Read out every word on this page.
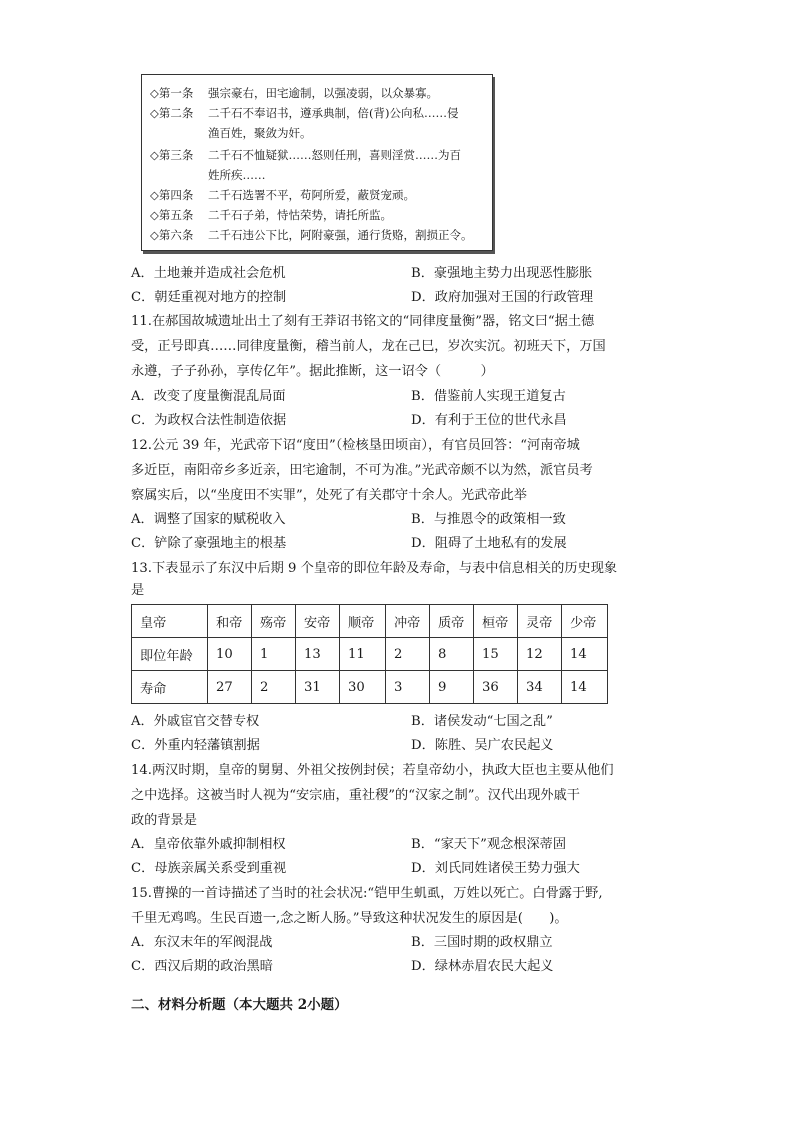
◇第一条 强宗豪右，田宅逾制，以强凌弱，以众暴寡。
◇第二条 二千石不奉诏书，遵承典制，倍(背)公向私……侵
渔百姓，聚敛为奸。
◇第三条 二千石不恤疑狱……怒则任刑，喜则淫赏……为百
姓所疾……
◇第四条 二千石选署不平，苟阿所爱，蔽贤宠顽。
◇第五条 二千石子弟，恃怙荣势，请托所监。
◇第六条 二千石违公下比，阿附豪强，通行货赂，割损正令。
A．土地兼并造成社会危机	B．豪强地主势力出现恶性膨胀
C．朝廷重视对地方的控制	D．政府加强对王国的行政管理
11.在郝国故城遗址出土了刻有王莽诏书铭文的“同律度量衡”器，铭文曰“据土德
受，正号即真……同律度量衡，稽当前人，龙在己巳，岁次实沉。初班天下，万国
永遵，子子孙孙，享传亿年”。据此推断，这一诏令（　　　）
A．改变了度量衡混乱局面	B．借鉴前人实现王道复古
C．为政权合法性制造依据	D．有利于王位的世代永昌
12.公元 39 年，光武帝下诏“度田”（检核垦田顷亩），有官员回答：“河南帝城
多近臣，南阳帝乡多近亲，田宅逾制，不可为准。”光武帝颇不以为然，派官员考
察属实后，以“坐度田不实罪”，处死了有关郡守十余人。光武帝此举
A．调整了国家的赋税收入	B．与推恩令的政策相一致
C．铲除了豪强地主的根基	D．阻碍了土地私有的发展
13.下表显示了东汉中后期 9 个皇帝的即位年龄及寿命，与表中信息相关的历史现象
是
皇帝	和帝	殇帝	安帝	顺帝	冲帝	质帝	桓帝	灵帝	少帝
即位年龄	10	1	13	11	2	8	15	12	14
寿命	27	2	31	30	3	9	36	34	14
A．外戚宦官交替专权	B．诸侯发动“七国之乱”
C．外重内轻藩镇割据	D．陈胜、吴广农民起义
14.两汉时期，皇帝的舅舅、外祖父按例封侯；若皇帝幼小，执政大臣也主要从他们
之中选择。这被当时人视为“安宗庙，重社稷”的“汉家之制”。汉代出现外戚干
政的背景是
A．皇帝依靠外戚抑制相权	B．“家天下”观念根深蒂固
C．母族亲属关系受到重视	D．刘氏同姓诸侯王势力强大
15.曹操的一首诗描述了当时的社会状况:“铠甲生虮虱，万姓以死亡。白骨露于野,
千里无鸡鸣。生民百遗一,念之断人肠。”导致这种状况发生的原因是(　　)。
A．东汉末年的军阀混战	B．三国时期的政权鼎立
C．西汉后期的政治黑暗	D．绿林赤眉农民大起义
二、材料分析题（本大题共 2小题）
